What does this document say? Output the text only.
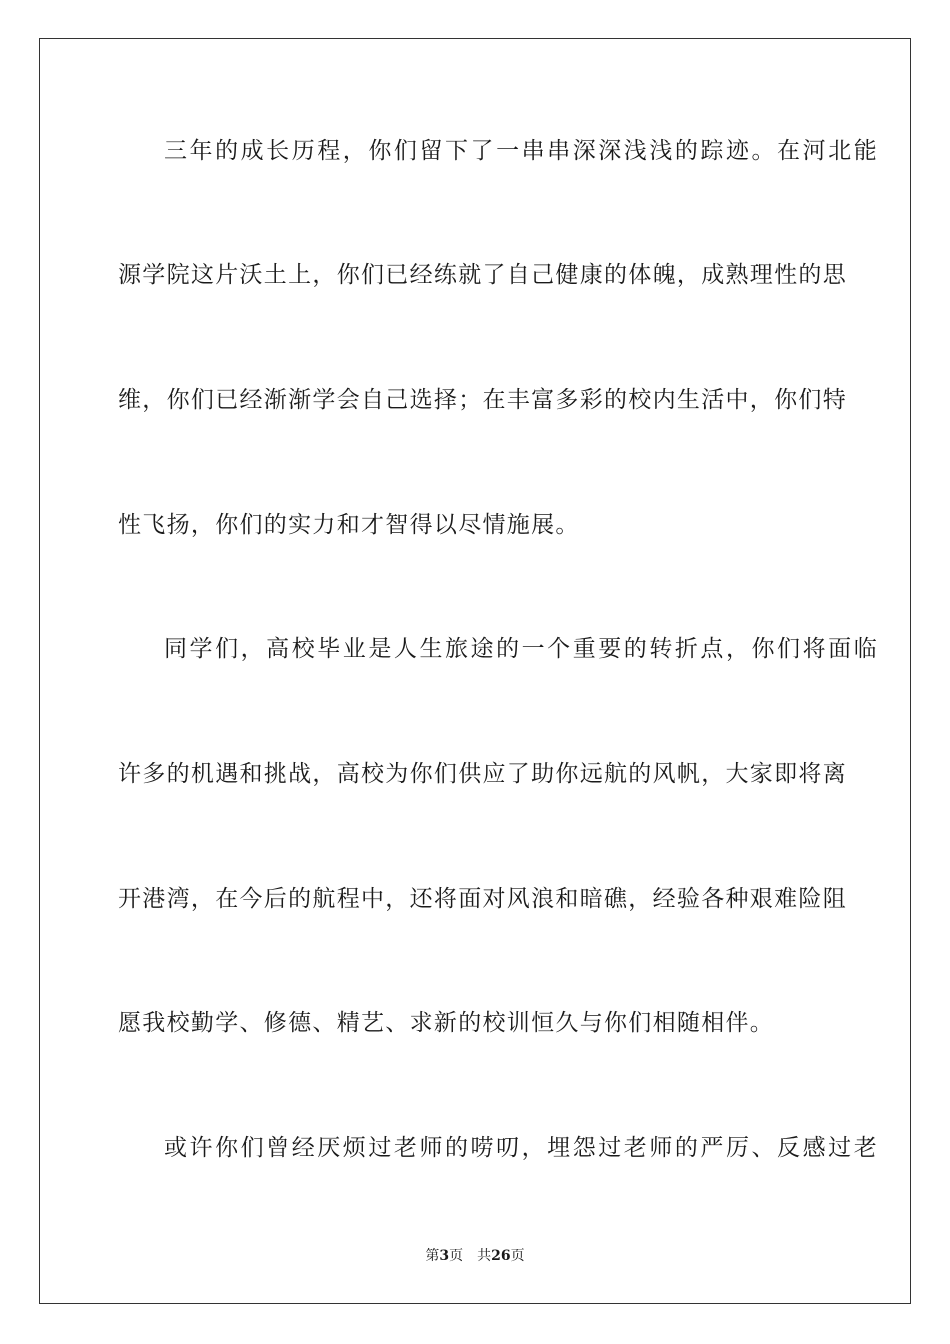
三年的成长历程，你们留下了一串串深深浅浅的踪迹。在河北能
源学院这片沃土上，你们已经练就了自己健康的体魄，成熟理性的思
维，你们已经渐渐学会自己选择；在丰富多彩的校内生活中，你们特
性飞扬，你们的实力和才智得以尽情施展。
同学们，高校毕业是人生旅途的一个重要的转折点，你们将面临
许多的机遇和挑战，高校为你们供应了助你远航的风帆，大家即将离
开港湾，在今后的航程中，还将面对风浪和暗礁，经验各种艰难险阻
愿我校勤学、修德、精艺、求新的校训恒久与你们相随相伴。
或许你们曾经厌烦过老师的唠叨，埋怨过老师的严厉、反感过老
第3页 共26页
